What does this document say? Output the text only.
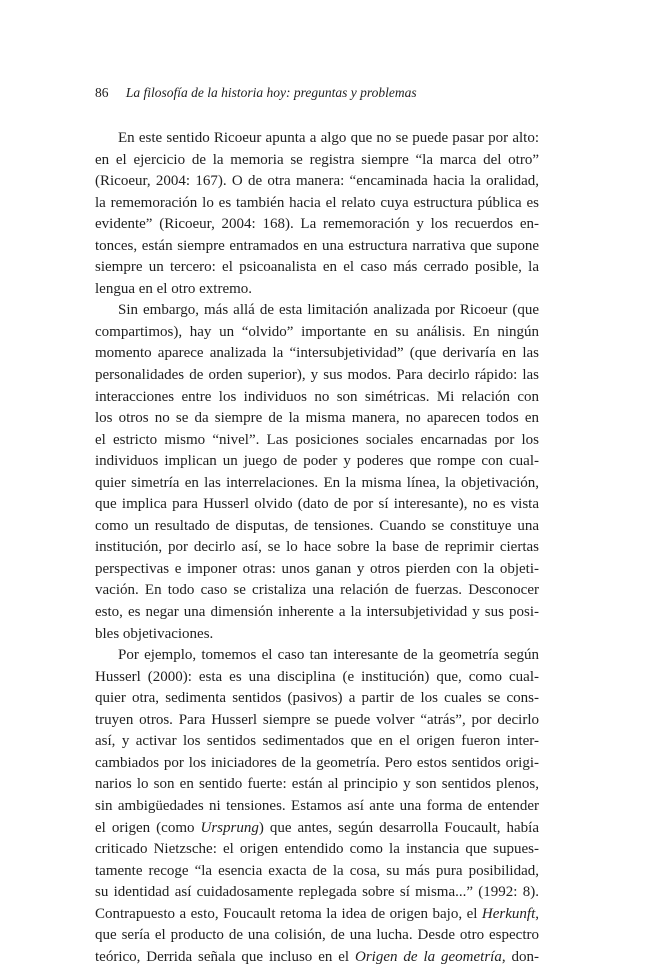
86 La filosofía de la historia hoy: preguntas y problemas
En este sentido Ricoeur apunta a algo que no se puede pasar por alto:
en el ejercicio de la memoria se registra siempre “la marca del otro”
(Ricoeur, 2004: 167). O de otra manera: “encaminada hacia la oralidad,
la rememoración lo es también hacia el relato cuya estructura pública es
evidente” (Ricoeur, 2004: 168). La rememoración y los recuerdos en-
tonces, están siempre entramados en una estructura narrativa que supone
siempre un tercero: el psicoanalista en el caso más cerrado posible, la
lengua en el otro extremo.
Sin embargo, más allá de esta limitación analizada por Ricoeur (que
compartimos), hay un “olvido” importante en su análisis. En ningún
momento aparece analizada la “intersubjetividad” (que derivaría en las
personalidades de orden superior), y sus modos. Para decirlo rápido: las
interacciones entre los individuos no son simétricas. Mi relación con
los otros no se da siempre de la misma manera, no aparecen todos en
el estricto mismo “nivel”. Las posiciones sociales encarnadas por los
individuos implican un juego de poder y poderes que rompe con cual-
quier simetría en las interrelaciones. En la misma línea, la objetivación,
que implica para Husserl olvido (dato de por sí interesante), no es vista
como un resultado de disputas, de tensiones. Cuando se constituye una
institución, por decirlo así, se lo hace sobre la base de reprimir ciertas
perspectivas e imponer otras: unos ganan y otros pierden con la objeti-
vación. En todo caso se cristaliza una relación de fuerzas. Desconocer
esto, es negar una dimensión inherente a la intersubjetividad y sus posi-
bles objetivaciones.
Por ejemplo, tomemos el caso tan interesante de la geometría según
Husserl (2000): esta es una disciplina (e institución) que, como cual-
quier otra, sedimenta sentidos (pasivos) a partir de los cuales se cons-
truyen otros. Para Husserl siempre se puede volver “atrás”, por decirlo
así, y activar los sentidos sedimentados que en el origen fueron inter-
cambiados por los iniciadores de la geometría. Pero estos sentidos origi-
narios lo son en sentido fuerte: están al principio y son sentidos plenos,
sin ambigüedades ni tensiones. Estamos así ante una forma de entender
el origen (como Ursprung) que antes, según desarrolla Foucault, había
criticado Nietzsche: el origen entendido como la instancia que supues-
tamente recoge “la esencia exacta de la cosa, su más pura posibilidad,
su identidad así cuidadosamente replegada sobre sí misma...” (1992: 8).
Contrapuesto a esto, Foucault retoma la idea de origen bajo, el Herkunft,
que sería el producto de una colisión, de una lucha. Desde otro espectro
teórico, Derrida señala que incluso en el Origen de la geometría, don-
